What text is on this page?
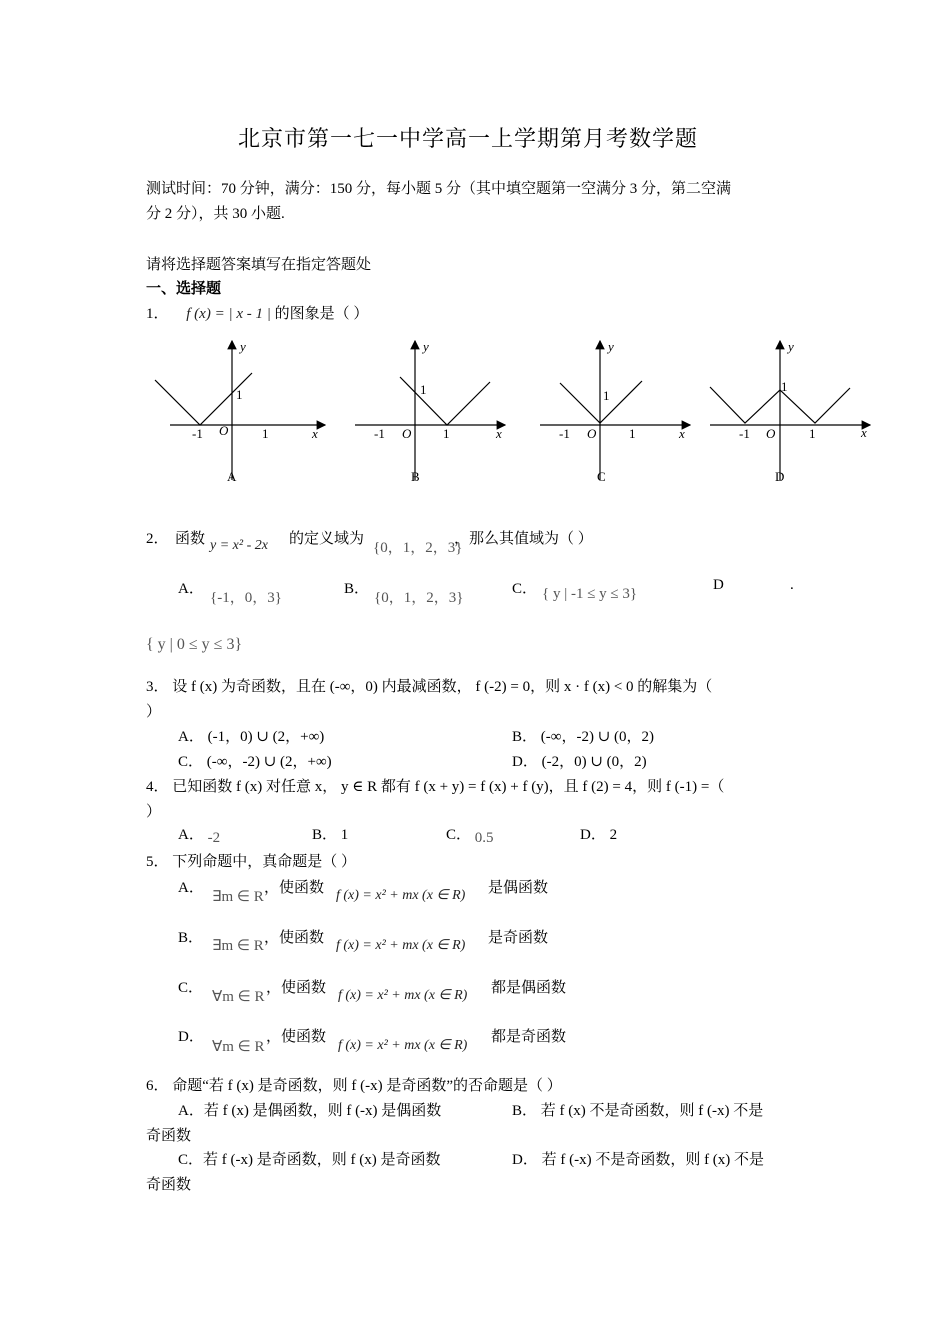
北京市第一七一中学高一上学期第月考数学题
测试时间：70 分钟，满分：150 分，每小题 5 分（其中填空题第一空满分 3 分，第二空满
分 2 分），共 30 小题.
请将选择题答案填写在指定答题处
一、选择题
1． f (x) = | x - 1 | 的图象是（ ）
y
x
1
-1 O	1
A
y
x
1
-1 O 1
B
y
x
1
-1 O	1
C
y
x
1
-1 O	1
D
2． 函数 y = x² - 2x 的定义域为
{0，1，2，3}
，那么其值域为（ ）
A．
{-1，0，3}
B．
{0，1，2，3}
C． { y | -1 ≤ y ≤ 3}
D	.
{ y | 0 ≤ y ≤ 3}
3． 设 f (x) 为奇函数，且在 (-∞，0) 内最减函数， f (-2) = 0，则 x · f (x) < 0 的解集为（
）
A． (-1，0) ∪ (2，+∞)	B． (-∞，-2) ∪ (0，2)
C． (-∞，-2) ∪ (2，+∞)	D． (-2，0) ∪ (0，2)
4． 已知函数 f (x) 对任意 x， y ∈ R 都有 f (x + y) = f (x) + f (y)，且 f (2) = 4，则 f (-1) =（
）
A． -2	B． 1	C． 0.5	D． 2
5． 下列命题中，真命题是（ ）
A．
∃m ∈ R
，使函数 f (x) = x² + mx (x ∈ R) 是偶函数
B． ∃m ∈ R ，使函数 f (x) = x² + mx (x ∈ R) 是奇函数
C．
∀m ∈ R
，使函数 f (x) = x² + mx (x ∈ R) 都是偶函数
D．
∀m ∈ R
，使函数
f (x) = x² + mx (x ∈ R)
都是奇函数
6． 命题“若 f (x) 是奇函数，则 f (-x) 是奇函数”的否命题是（ ）
A．若 f (x) 是偶函数，则 f (-x) 是偶函数	B． 若 f (x) 不是奇函数，则 f (-x) 不是
奇函数
C．若 f (-x) 是奇函数，则 f (x) 是奇函数	D． 若 f (-x) 不是奇函数，则 f (x) 不是
奇函数
